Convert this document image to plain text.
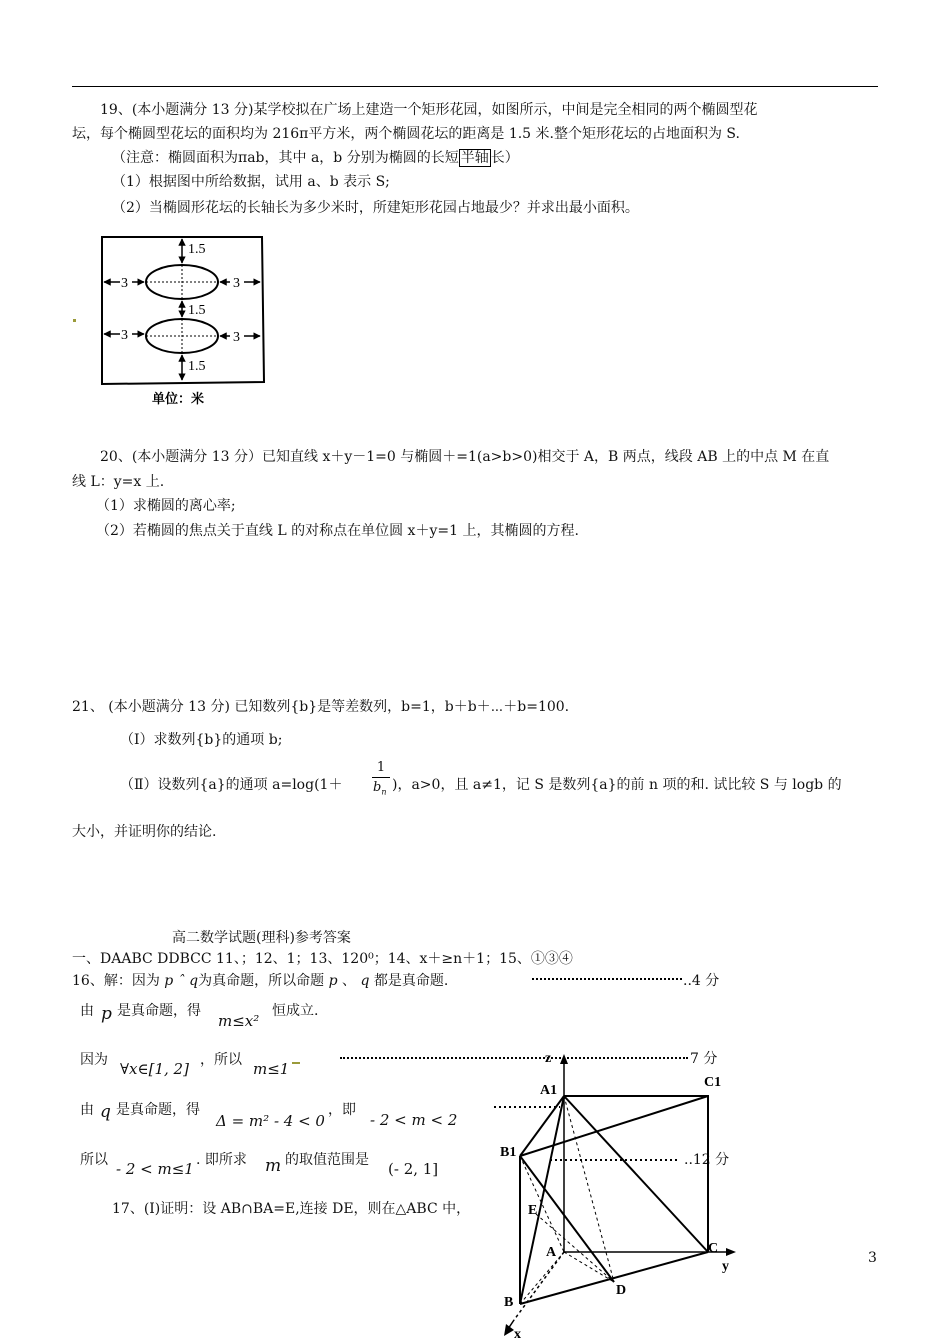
19、(本小题满分 13 分)某学校拟在广场上建造一个矩形花园，如图所示，中间是完全相同的两个椭圆型花
坛，每个椭圆型花坛的面积均为 216π平方米，两个椭圆花坛的距离是 1.5 米.整个矩形花坛的占地面积为 S.
（注意：椭圆面积为πab，其中 a，b 分别为椭圆的长短 半轴 长）
（1）根据图中所给数据，试用 a、b 表示 S;
（2）当椭圆形花坛的长轴长为多少米时，所建矩形花园占地最少？并求出最小面积。
1.5
1.5
1.5
3	3
3	3
单位：米
20、(本小题满分 13 分）已知直线 x＋y－1=0 与椭圆＋=1(a>b>0)相交于 A，B 两点，线段 AB 上的中点 M 在直
线 L：y=x 上.
（1）求椭圆的离心率;
（2）若椭圆的焦点关于直线 L 的对称点在单位圆 x＋y=1 上，其椭圆的方程.
21、 (本小题满分 13 分) 已知数列{b}是等差数列，b=1，b＋b＋⋯＋b=100.
（Ⅰ）求数列{b}的通项 b;
（Ⅱ）设数列{a}的通项 a=log(1＋
1
$b_n$ )，a>0，且 a≠1，记 S 是数列{a}的前 n 项的和. 试比较 S 与 logb 的
大小，并证明你的结论.
高二数学试题(理科)参考答案
一、DAABC DDBCC 11、；12、1；13、120⁰；14、x＋≥n＋1；15、①③④
16、解：因为 p ˆ q为真命题，所以命题 p 、 q 都是真命题.	..4 分
由 p 是真命题，得
m≤x²
恒成立.
因为 ∀x∈[1, 2] ，所以 m≤1
7 分
由 q 是真命题，得
Δ = m² - 4 < 0
，即
- 2 < m < 2
所以 - 2 < m≤1 . 即所求 m 的取值范围是 (- 2, 1]	..12 分
17、(Ⅰ)证明：设 AB∩BA=E,连接 DE，则在△ABC 中，
z
A1
C1
B1
E
A	C
y
D
B
x
3
